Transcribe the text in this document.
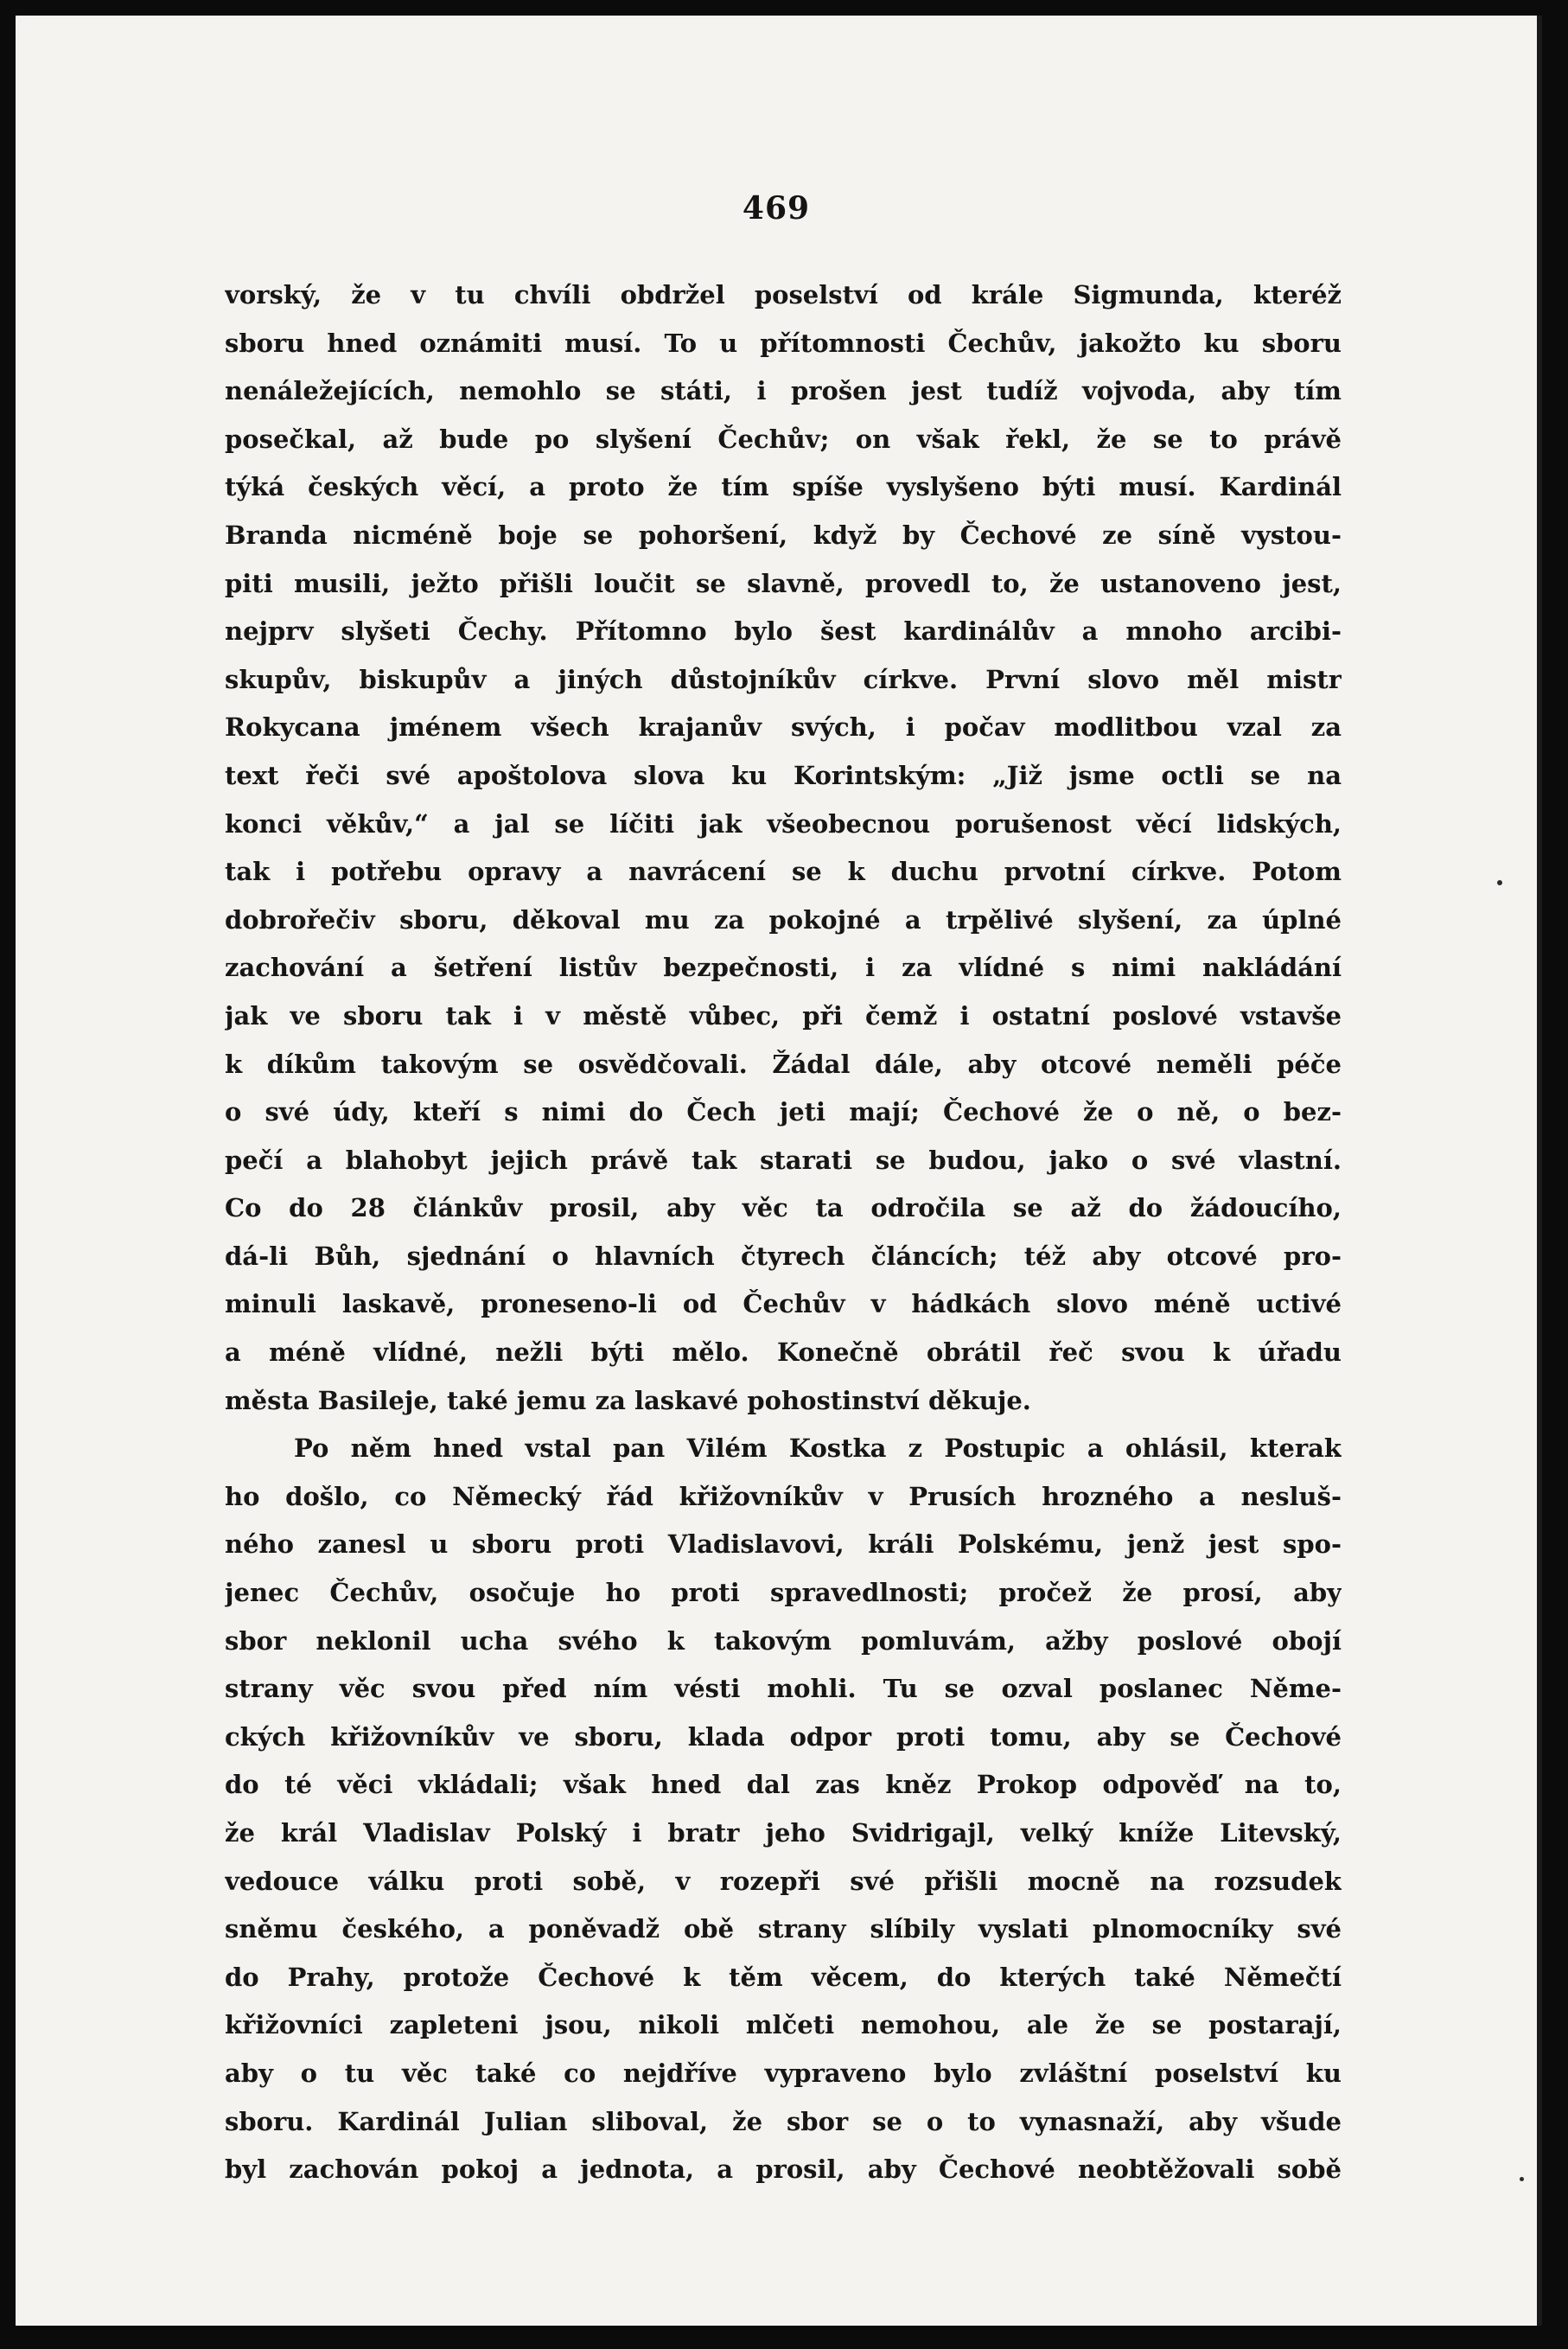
469
vorský, že v tu chvíli obdržel poselství od krále Sigmunda, kteréž
sboru hned oznámiti musí. To u přítomnosti Čechův, jakožto ku sboru
nenáležejících, nemohlo se státi, i prošen jest tudíž vojvoda, aby tím
posečkal, až bude po slyšení Čechův; on však řekl, že se to právě
týká českých věcí, a proto že tím spíše vyslyšeno býti musí. Kardinál
Branda nicméně boje se pohoršení, když by Čechové ze síně vystou-
piti musili, ježto přišli loučit se slavně, provedl to, že ustanoveno jest,
nejprv slyšeti Čechy. Přítomno bylo šest kardinálův a mnoho arcibi-
skupův, biskupův a jiných důstojníkův církve. První slovo měl mistr
Rokycana jménem všech krajanův svých, i počav modlitbou vzal za
text řeči své apoštolova slova ku Korintským: „Již jsme octli se na
konci věkův,“ a jal se líčiti jak všeobecnou porušenost věcí lidských,
tak i potřebu opravy a navrácení se k duchu prvotní církve. Potom
dobrořečiv sboru, děkoval mu za pokojné a trpělivé slyšení, za úplné
zachování a šetření listův bezpečnosti, i za vlídné s nimi nakládání
jak ve sboru tak i v městě vůbec, při čemž i ostatní poslové vstavše
k díkům takovým se osvědčovali. Žádal dále, aby otcové neměli péče
o své údy, kteří s nimi do Čech jeti mají; Čechové že o ně, o bez-
pečí a blahobyt jejich právě tak starati se budou, jako o své vlastní.
Co do 28 článkův prosil, aby věc ta odročila se až do žádoucího,
dá-li Bůh, sjednání o hlavních čtyrech článcích; též aby otcové pro-
minuli laskavě, proneseno-li od Čechův v hádkách slovo méně uctivé
a méně vlídné, nežli býti mělo. Konečně obrátil řeč svou k úřadu
města Basileje, také jemu za laskavé pohostinství děkuje.
Po něm hned vstal pan Vilém Kostka z Postupic a ohlásil, kterak
ho došlo, co Německý řád křižovníkův v Prusích hrozného a nesluš-
ného zanesl u sboru proti Vladislavovi, králi Polskému, jenž jest spo-
jenec Čechův, osočuje ho proti spravedlnosti; pročež že prosí, aby
sbor neklonil ucha svého k takovým pomluvám, ažby poslové obojí
strany věc svou před ním vésti mohli. Tu se ozval poslanec Něme-
ckých křižovníkův ve sboru, klada odpor proti tomu, aby se Čechové
do té věci vkládali; však hned dal zas kněz Prokop odpověď na to,
že král Vladislav Polský i bratr jeho Svidrigajl, velký kníže Litevský,
vedouce válku proti sobě, v rozepři své přišli mocně na rozsudek
sněmu českého, a poněvadž obě strany slíbily vyslati plnomocníky své
do Prahy, protože Čechové k těm věcem, do kterých také Němečtí
křižovníci zapleteni jsou, nikoli mlčeti nemohou, ale že se postarají,
aby o tu věc také co nejdříve vypraveno bylo zvláštní poselství ku
sboru. Kardinál Julian sliboval, že sbor se o to vynasnaží, aby všude
byl zachován pokoj a jednota, a prosil, aby Čechové neobtěžovali sobě
